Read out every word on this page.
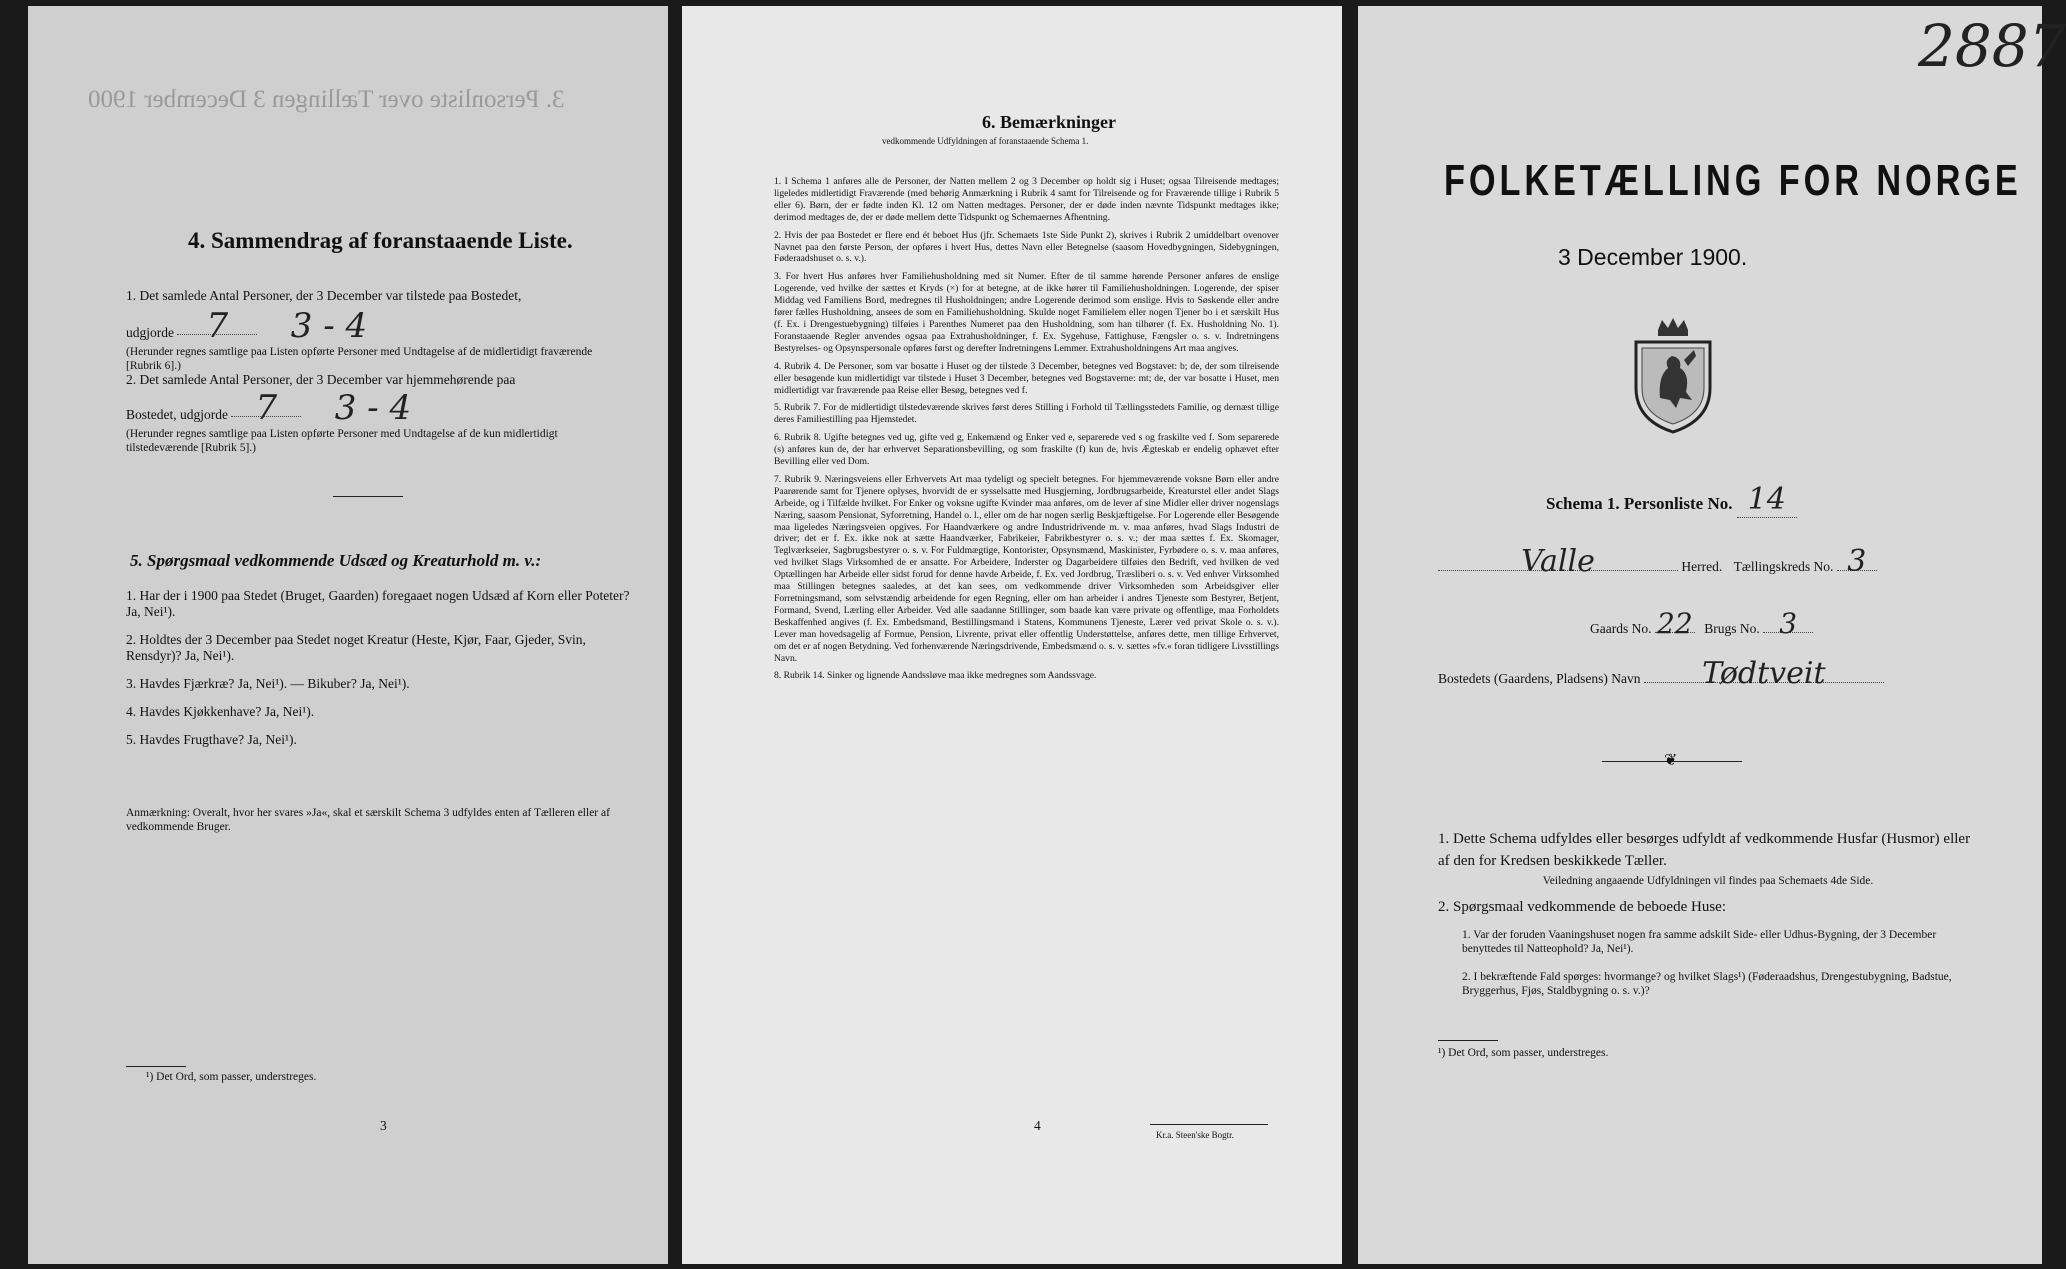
3. Personliste over Tællingen 3 December 1900
4. Sammendrag af foranstaaende Liste.
1. Det samlede Antal Personer, der 3 December var tilstede paa Bostedet,
udgjorde 7 3 - 4
(Herunder regnes samtlige paa Listen opførte Personer med Undtagelse af de midlertidigt fraværende [Rubrik 6].)
2. Det samlede Antal Personer, der 3 December var hjemmehørende paa
Bostedet, udgjorde 7 3 - 4
(Herunder regnes samtlige paa Listen opførte Personer med Undtagelse af de kun midlertidigt tilstedeværende [Rubrik 5].)
5. Spørgsmaal vedkommende Udsæd og Kreaturhold m. v.:
1. Har der i 1900 paa Stedet (Bruget, Gaarden) foregaaet nogen Udsæd af Korn eller Poteter? Ja, Nei¹).
2. Holdtes der 3 December paa Stedet noget Kreatur (Heste, Kjør, Faar, Gjeder, Svin, Rensdyr)? Ja, Nei¹).
3. Havdes Fjærkræ? Ja, Nei¹). — Bikuber? Ja, Nei¹).
4. Havdes Kjøkkenhave? Ja, Nei¹).
5. Havdes Frugthave? Ja, Nei¹).
Anmærkning: Overalt, hvor her svares »Ja«, skal et særskilt Schema 3 udfyldes enten af Tælleren eller af vedkommende Bruger.
¹) Det Ord, som passer, understreges.
3
6. Bemærkninger
vedkommende Udfyldningen af foranstaaende Schema 1.
1. I Schema 1 anføres alle de Personer, der Natten mellem 2 og 3 December op holdt sig i Huset; ogsaa Tilreisende medtages; ligeledes midlertidigt Fraværende (med behørig Anmærkning i Rubrik 4 samt for Tilreisende og for Fraværende tillige i Rubrik 5 eller 6). Børn, der er fødte inden Kl. 12 om Natten medtages. Personer, der er døde inden nævnte Tidspunkt medtages ikke; derimod medtages de, der er døde mellem dette Tidspunkt og Schemaernes Afhentning.
2. Hvis der paa Bostedet er flere end ét beboet Hus (jfr. Schemaets 1ste Side Punkt 2), skrives i Rubrik 2 umiddelbart ovenover Navnet paa den første Person, der opføres i hvert Hus, dettes Navn eller Betegnelse (saasom Hovedbygningen, Sidebygningen, Føderaadshuset o. s. v.).
3. For hvert Hus anføres hver Familiehusholdning med sit Numer. Efter de til samme hørende Personer anføres de enslige Logerende, ved hvilke der sættes et Kryds (×) for at betegne, at de ikke hører til Familiehusholdningen. Logerende, der spiser Middag ved Familiens Bord, medregnes til Husholdningen; andre Logerende derimod som enslige. Hvis to Søskende eller andre fører fælles Husholdning, ansees de som en Familiehusholdning. Skulde noget Familielem eller nogen Tjener bo i et særskilt Hus (f. Ex. i Drengestuebygning) tilføies i Parenthes Numeret paa den Husholdning, som han tilhører (f. Ex. Husholdning No. 1). Foranstaaende Regler anvendes ogsaa paa Extrahusholdninger, f. Ex. Sygehuse, Fattighuse, Fængsler o. s. v. Indretningens Bestyrelses- og Opsynspersonale opføres først og derefter Indretningens Lemmer. Extrahusholdningens Art maa angives.
4. Rubrik 4. De Personer, som var bosatte i Huset og der tilstede 3 December, betegnes ved Bogstavet: b; de, der som tilreisende eller besøgende kun midlertidigt var tilstede i Huset 3 December, betegnes ved Bogstaverne: mt; de, der var bosatte i Huset, men midlertidigt var fraværende paa Reise eller Besøg, betegnes ved f.
5. Rubrik 7. For de midlertidigt tilstedeværende skrives først deres Stilling i Forhold til Tællingsstedets Familie, og dernæst tillige deres Familiestilling paa Hjemstedet.
6. Rubrik 8. Ugifte betegnes ved ug, gifte ved g, Enkemænd og Enker ved e, separerede ved s og fraskilte ved f. Som separerede (s) anføres kun de, der har erhvervet Separationsbevilling, og som fraskilte (f) kun de, hvis Ægteskab er endelig ophævet efter Bevilling eller ved Dom.
7. Rubrik 9. Næringsveiens eller Erhvervets Art maa tydeligt og specielt betegnes. For hjemmeværende voksne Børn eller andre Paarørende samt for Tjenere oplyses, hvorvidt de er sysselsatte med Husgjerning, Jordbrugsarbeide, Kreaturstel eller andet Slags Arbeide, og i Tilfælde hvilket. For Enker og voksne ugifte Kvinder maa anføres, om de lever af sine Midler eller driver nogenslags Næring, saasom Pensionat, Syforretning, Handel o. l., eller om de har nogen særlig Beskjæftigelse. For Logerende eller Besøgende maa ligeledes Næringsveien opgives. For Haandværkere og andre Industridrivende m. v. maa anføres, hvad Slags Industri de driver; det er f. Ex. ikke nok at sætte Haandværker, Fabrikeier, Fabrikbestyrer o. s. v.; der maa sættes f. Ex. Skomager, Teglværkseier, Sagbrugsbestyrer o. s. v. For Fuldmægtige, Kontorister, Opsynsmænd, Maskinister, Fyrbødere o. s. v. maa anføres, ved hvilket Slags Virksomhed de er ansatte. For Arbeidere, Inderster og Dagarbeidere tilføies den Bedrift, ved hvilken de ved Optællingen har Arbeide eller sidst forud for denne havde Arbeide, f. Ex. ved Jordbrug, Træsliberi o. s. v. Ved enhver Virksomhed maa Stillingen betegnes saaledes, at det kan sees, om vedkommende driver Virksomheden som Arbeidsgiver eller Forretningsmand, som selvstændig arbeidende for egen Regning, eller om han arbeider i andres Tjeneste som Bestyrer, Betjent, Formand, Svend, Lærling eller Arbeider. Ved alle saadanne Stillinger, som baade kan være private og offentlige, maa Forholdets Beskaffenhed angives (f. Ex. Embedsmand, Bestillingsmand i Statens, Kommunens Tjeneste, Lærer ved privat Skole o. s. v.). Lever man hovedsagelig af Formue, Pension, Livrente, privat eller offentlig Understøttelse, anføres dette, men tillige Erhvervet, om det er af nogen Betydning. Ved forhenværende Næringsdrivende, Embedsmænd o. s. v. sættes »fv.« foran tidligere Livsstillings Navn.
8. Rubrik 14. Sinker og lignende Aandssløve maa ikke medregnes som Aandssvage.
4
Kr.a. Steen'ske Bogtr.
2887
FOLKETÆLLING FOR NORGE
3 December 1900.
Schema 1. Personliste No. 14
Valle	Herred. Tællingskreds No. 3
Gaards No. 22 Brugs No. 3
Bostedets (Gaardens, Pladsens) Navn Tødtveit
❦
1. Dette Schema udfyldes eller besørges udfyldt af vedkommende Husfar (Husmor) eller af den for Kredsen beskikkede Tæller.
Veiledning angaaende Udfyldningen vil findes paa Schemaets 4de Side.
2. Spørgsmaal vedkommende de beboede Huse:
1. Var der foruden Vaaningshuset nogen fra samme adskilt Side- eller Udhus-Bygning, der 3 December benyttedes til Natteophold? Ja, Nei¹).
2. I bekræftende Fald spørges: hvormange? og hvilket Slags¹) (Føderaadshus, Drengestubygning, Badstue, Bryggerhus, Fjøs, Staldbygning o. s. v.)?
¹) Det Ord, som passer, understreges.
